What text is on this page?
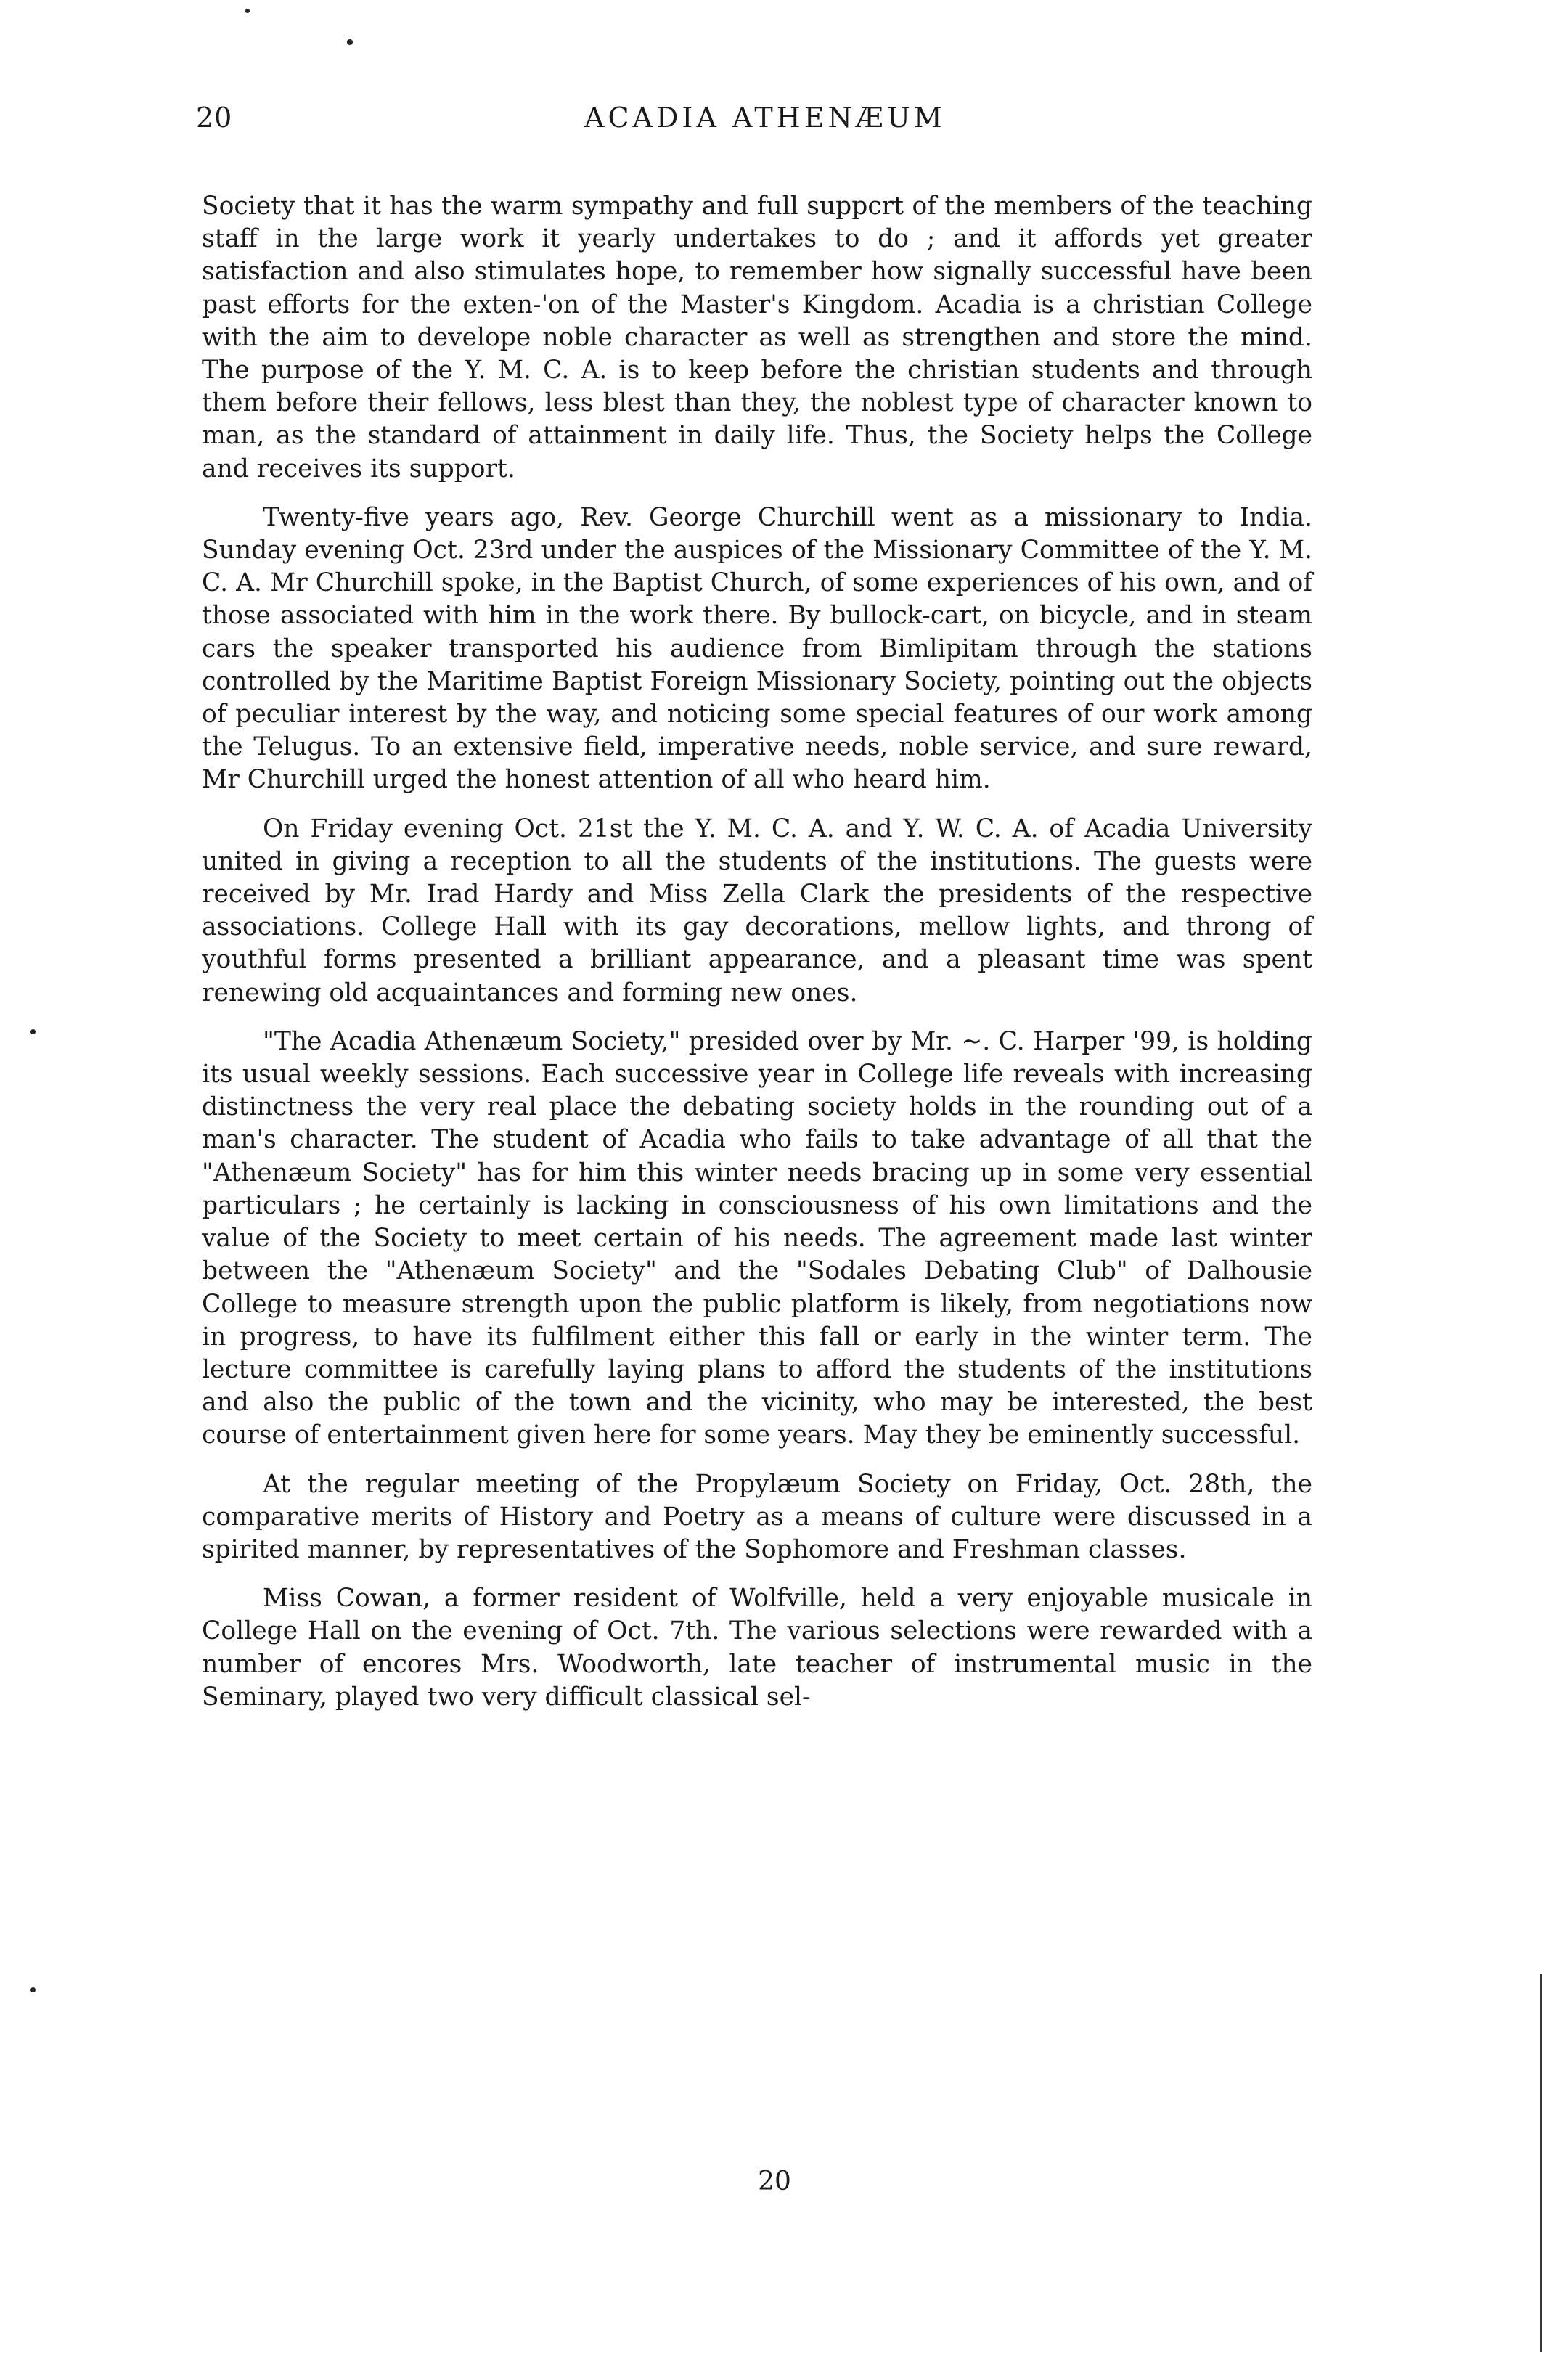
20	ACADIA ATHENÆUM

Society that it has the warm sympathy and full suppcrt of the members of the teaching staff in the large work it yearly undertakes to do ; and it affords yet greater satisfaction and also stimulates hope, to remember how signally successful have been past efforts for the exten-'on of the Master's Kingdom. Acadia is a christian College with the aim to develope noble character as well as strengthen and store the mind. The purpose of the Y. M. C. A. is to keep before the christian students and through them before their fellows, less blest than they, the noblest type of character known to man, as the standard of attainment in daily life. Thus, the Society helps the College and receives its support.

Twenty-five years ago, Rev. George Churchill went as a missionary to India. Sunday evening Oct. 23rd under the auspices of the Missionary Committee of the Y. M. C. A. Mr Churchill spoke, in the Baptist Church, of some experiences of his own, and of those associated with him in the work there. By bullock-cart, on bicycle, and in steam cars the speaker transported his audience from Bimlipitam through the stations controlled by the Maritime Baptist Foreign Missionary Society, pointing out the objects of peculiar interest by the way, and noticing some special features of our work among the Telugus. To an extensive field, imperative needs, noble service, and sure reward, Mr Churchill urged the honest attention of all who heard him.

On Friday evening Oct. 21st the Y. M. C. A. and Y. W. C. A. of Acadia University united in giving a reception to all the students of the institutions. The guests were received by Mr. Irad Hardy and Miss Zella Clark the presidents of the respective associations. College Hall with its gay decorations, mellow lights, and throng of youthful forms presented a brilliant appearance, and a pleasant time was spent renewing old acquaintances and forming new ones.

"The Acadia Athenæum Society," presided over by Mr. ~. C. Harper '99, is holding its usual weekly sessions. Each successive year in College life reveals with increasing distinctness the very real place the debating society holds in the rounding out of a man's character. The student of Acadia who fails to take advantage of all that the "Athenæum Society" has for him this winter needs bracing up in some very essential particulars ; he certainly is lacking in consciousness of his own limitations and the value of the Society to meet certain of his needs. The agreement made last winter between the "Athenæum Society" and the "Sodales Debating Club" of Dalhousie College to measure strength upon the public platform is likely, from negotiations now in progress, to have its fulfilment either this fall or early in the winter term. The lecture committee is carefully laying plans to afford the students of the institutions and also the public of the town and the vicinity, who may be interested, the best course of entertainment given here for some years. May they be eminently successful.

At the regular meeting of the Propylæum Society on Friday, Oct. 28th, the comparative merits of History and Poetry as a means of culture were discussed in a spirited manner, by representatives of the Sophomore and Freshman classes.

Miss Cowan, a former resident of Wolfville, held a very enjoyable musicale in College Hall on the evening of Oct. 7th. The various selections were rewarded with a number of encores Mrs. Woodworth, late teacher of instrumental music in the Seminary, played two very difficult classical sel-

20
